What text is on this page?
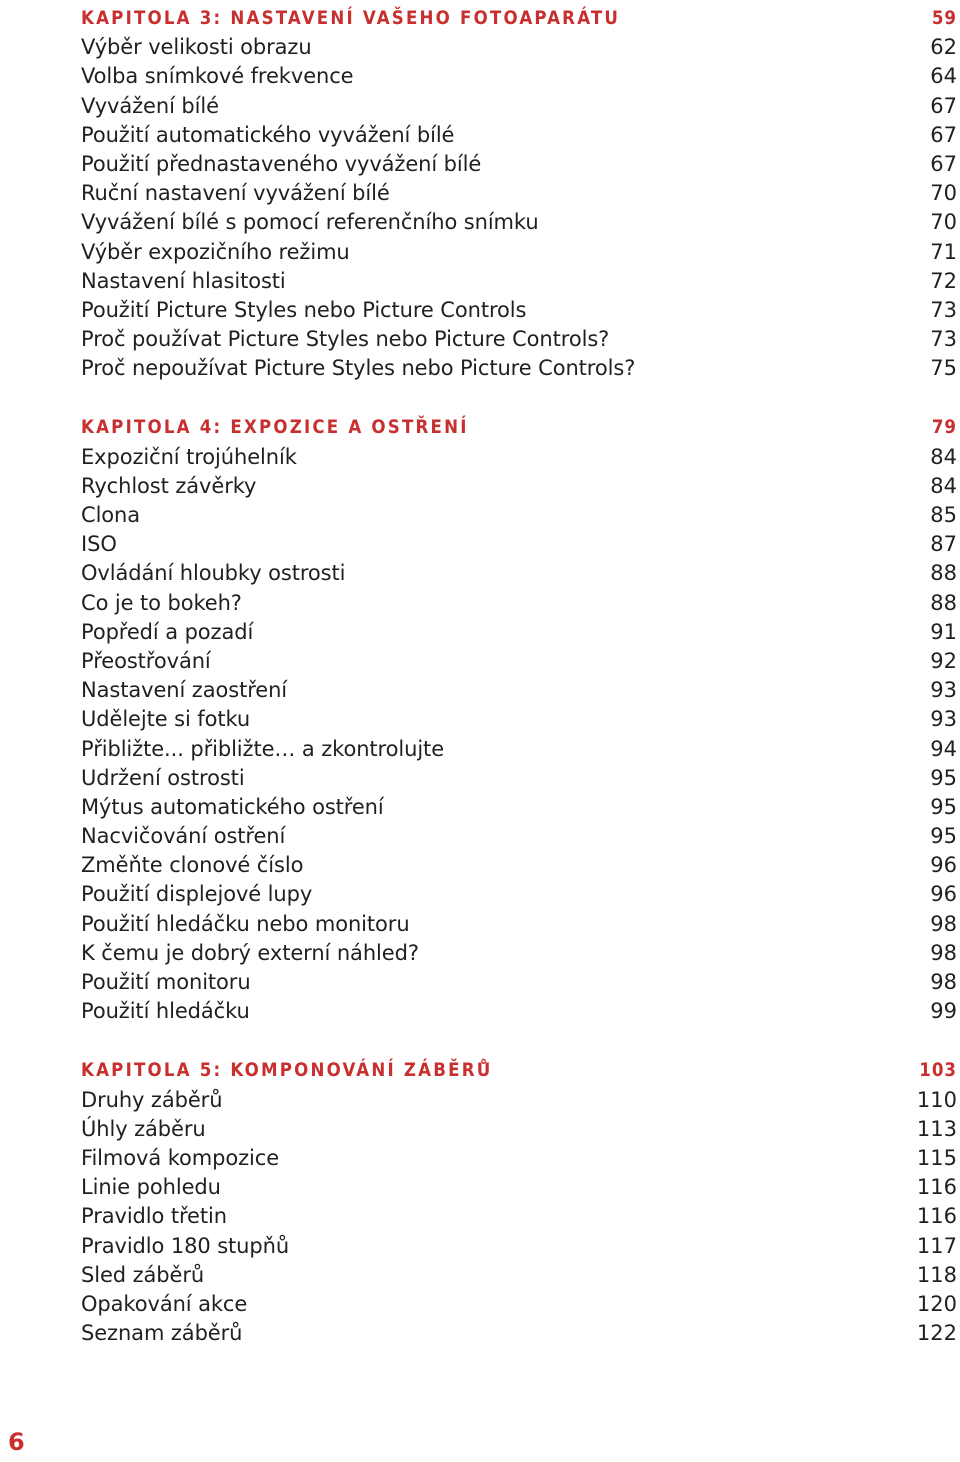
KAPITOLA 3: NASTAVENÍ VAŠEHO FOTOAPARÁTU	59
Výběr velikosti obrazu	62
Volba snímkové frekvence	64
Vyvážení bílé	67
Použití automatického vyvážení bílé	67
Použití přednastaveného vyvážení bílé	67
Ruční nastavení vyvážení bílé	70
Vyvážení bílé s pomocí referenčního snímku	70
Výběr expozičního režimu	71
Nastavení hlasitosti	72
Použití Picture Styles nebo Picture Controls	73
Proč používat Picture Styles nebo Picture Controls?	73
Proč nepoužívat Picture Styles nebo Picture Controls?	75
KAPITOLA 4: EXPOZICE A OSTŘENÍ	79
Expoziční trojúhelník	84
Rychlost závěrky	84
Clona	85
ISO	87
Ovládání hloubky ostrosti	88
Co je to bokeh?	88
Popředí a pozadí	91
Přeostřování	92
Nastavení zaostření	93
Udělejte si fotku	93
Přibližte... přibližte… a zkontrolujte	94
Udržení ostrosti	95
Mýtus automatického ostření	95
Nacvičování ostření	95
Změňte clonové číslo	96
Použití displejové lupy	96
Použití hledáčku nebo monitoru	98
K čemu je dobrý externí náhled?	98
Použití monitoru	98
Použití hledáčku	99
KAPITOLA 5: KOMPONOVÁNÍ ZÁBĚRŮ	103
Druhy záběrů	110
Úhly záběru	113
Filmová kompozice	115
Linie pohledu	116
Pravidlo třetin	116
Pravidlo 180 stupňů	117
Sled záběrů	118
Opakování akce	120
Seznam záběrů	122
6
